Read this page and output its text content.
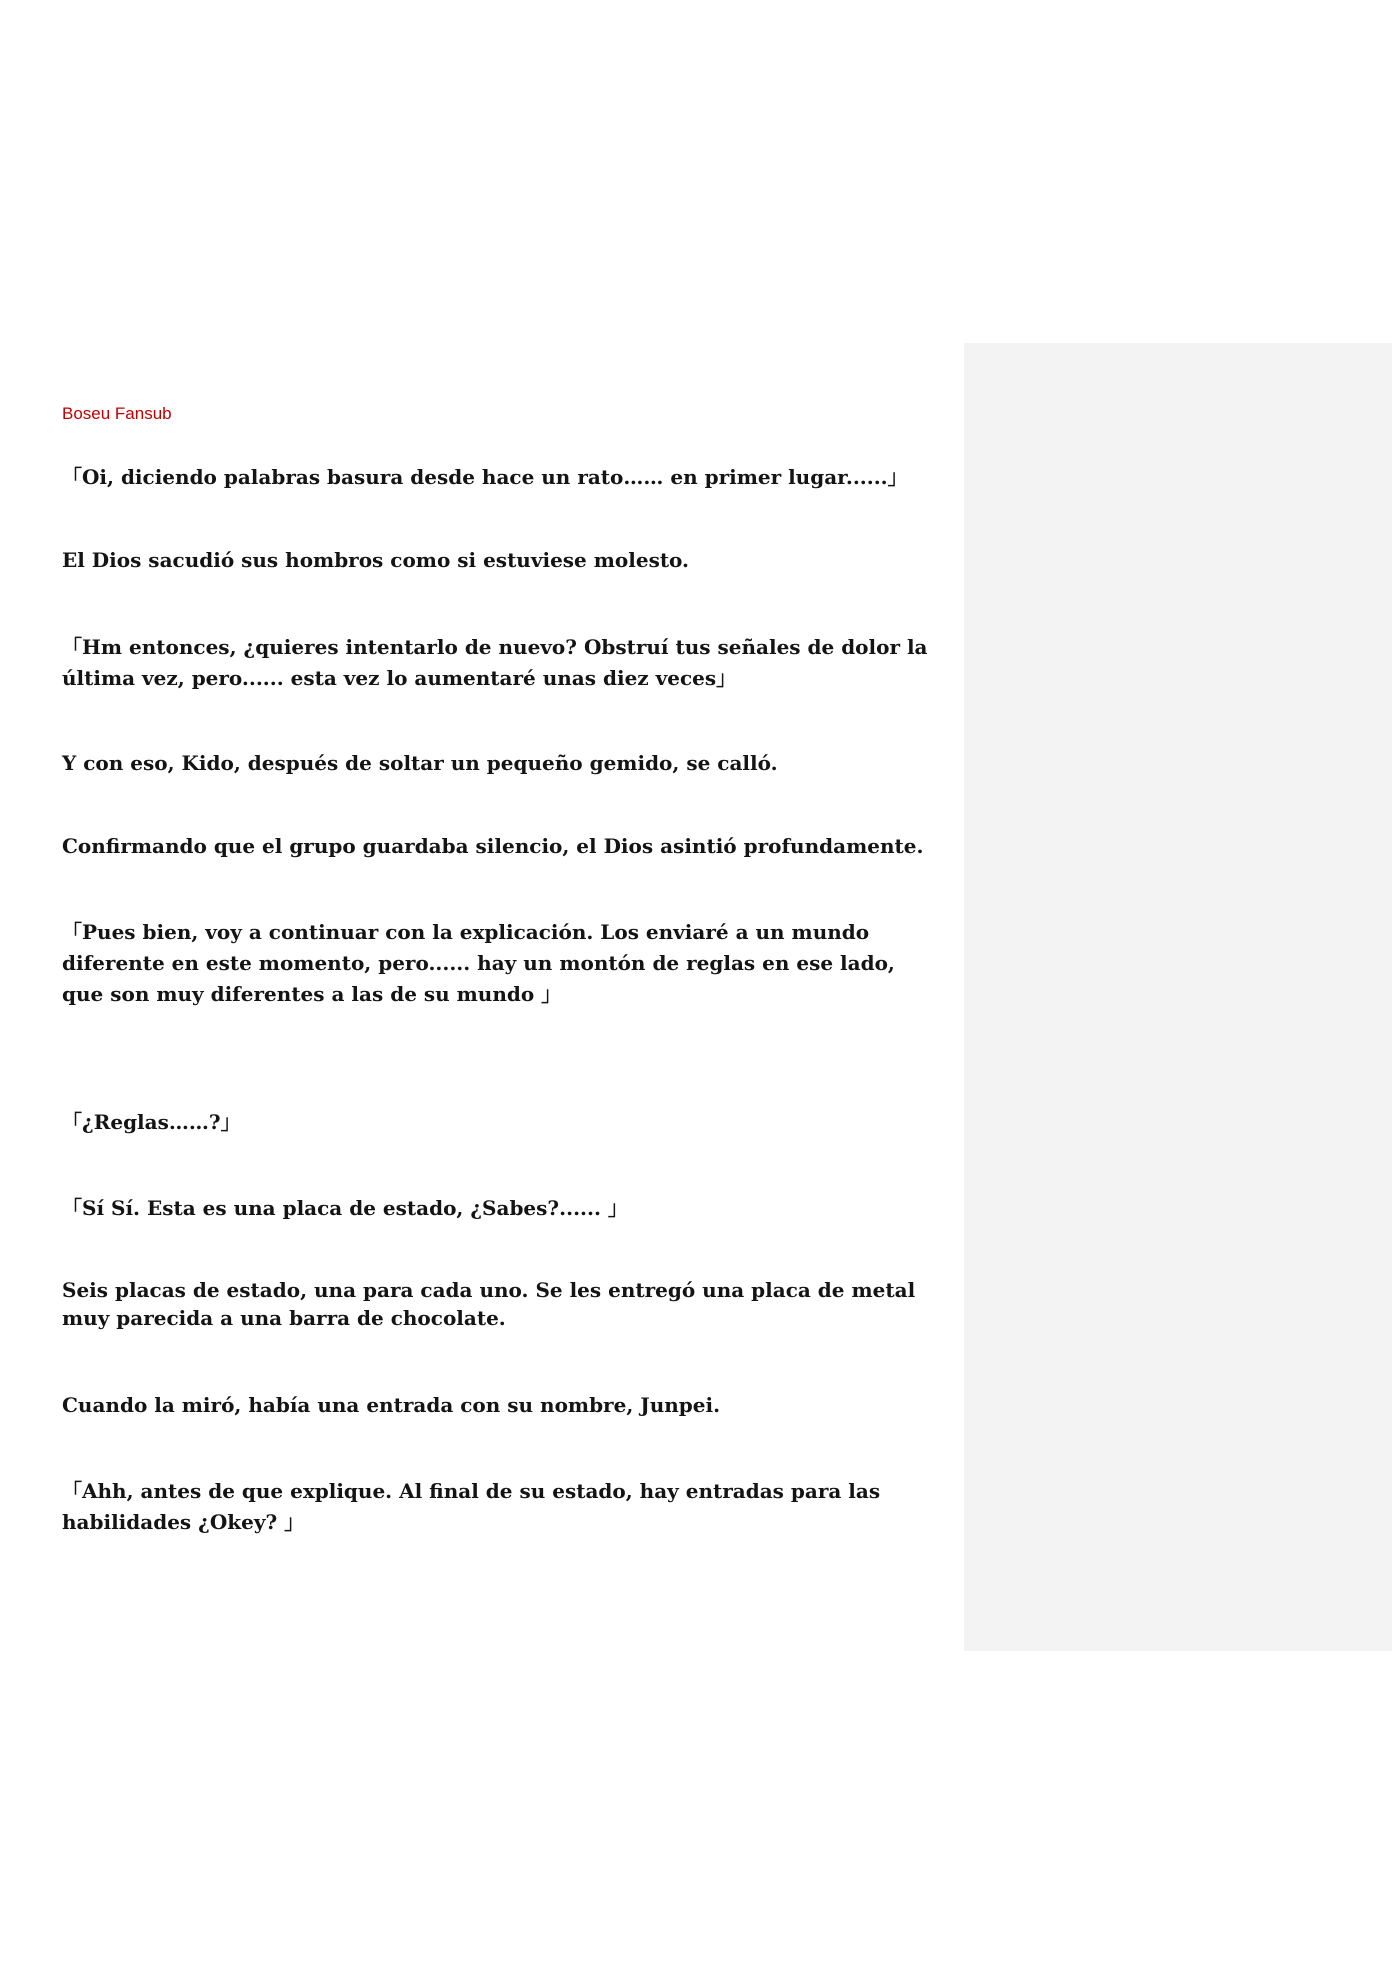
Boseu Fansub

「Oi, diciendo palabras basura desde hace un rato…… en primer lugar......」

El Dios sacudió sus hombros como si estuviese molesto.

「Hm entonces, ¿quieres intentarlo de nuevo? Obstruí tus señales de dolor la última vez, pero...... esta vez lo aumentaré unas diez veces」

Y con eso, Kido, después de soltar un pequeño gemido, se calló.

Confirmando que el grupo guardaba silencio, el Dios asintió profundamente.

「Pues bien, voy a continuar con la explicación. Los enviaré a un mundo diferente en este momento, pero...... hay un montón de reglas en ese lado, que son muy diferentes a las de su mundo 」

「¿Reglas……?」

「Sí Sí. Esta es una placa de estado, ¿Sabes?...... 」

Seis placas de estado, una para cada uno. Se les entregó una placa de metal muy parecida a una barra de chocolate.

Cuando la miró, había una entrada con su nombre, Junpei.

「Ahh, antes de que explique. Al final de su estado, hay entradas para las habilidades ¿Okey? 」
